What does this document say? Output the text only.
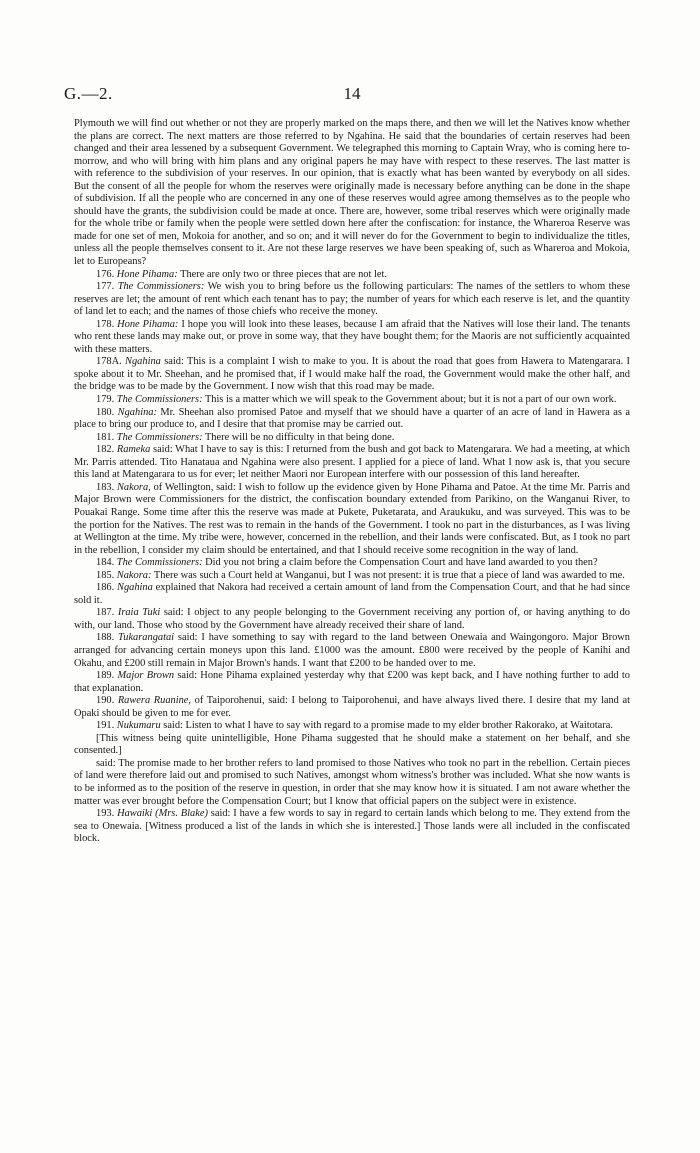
G.—2.	14

Plymouth we will find out whether or not they are properly marked on the maps there, and then we will let the Natives know whether the plans are correct. The next matters are those referred to by Ngahina. He said that the boundaries of certain reserves had been changed and their area lessened by a subsequent Government. We telegraphed this morning to Captain Wray, who is coming here to-morrow, and who will bring with him plans and any original papers he may have with respect to these reserves. The last matter is with reference to the subdivision of your reserves. In our opinion, that is exactly what has been wanted by everybody on all sides. But the consent of all the people for whom the reserves were originally made is necessary before anything can be done in the shape of subdivision. If all the people who are concerned in any one of these reserves would agree among themselves as to the people who should have the grants, the subdivision could be made at once. There are, however, some tribal reserves which were originally made for the whole tribe or family when the people were settled down here after the confiscation: for instance, the Whareroa Reserve was made for one set of men, Mokoia for another, and so on; and it will never do for the Government to begin to individualize the titles, unless all the people themselves consent to it. Are not these large reserves we have been speaking of, such as Whareroa and Mokoia, let to Europeans?

176. Hone Pihama: There are only two or three pieces that are not let.

177. The Commissioners: We wish you to bring before us the following particulars: The names of the settlers to whom these reserves are let; the amount of rent which each tenant has to pay; the number of years for which each reserve is let, and the quantity of land let to each; and the names of those chiefs who receive the money.

178. Hone Pihama: I hope you will look into these leases, because I am afraid that the Natives will lose their land. The tenants who rent these lands may make out, or prove in some way, that they have bought them; for the Maoris are not sufficiently acquainted with these matters.

178A. Ngahina said: This is a complaint I wish to make to you. It is about the road that goes from Hawera to Matengarara. I spoke about it to Mr. Sheehan, and he promised that, if I would make half the road, the Government would make the other half, and the bridge was to be made by the Government. I now wish that this road may be made.

179. The Commissioners: This is a matter which we will speak to the Government about; but it is not a part of our own work.

180. Ngahina: Mr. Sheehan also promised Patoe and myself that we should have a quarter of an acre of land in Hawera as a place to bring our produce to, and I desire that that promise may be carried out.

181. The Commissioners: There will be no difficulty in that being done.

182. Rameka said: What I have to say is this: I returned from the bush and got back to Matengarara. We had a meeting, at which Mr. Parris attended. Tito Hanataua and Ngahina were also present. I applied for a piece of land. What I now ask is, that you secure this land at Matengarara to us for ever; let neither Maori nor European interfere with our possession of this land hereafter.

183. Nakora, of Wellington, said: I wish to follow up the evidence given by Hone Pihama and Patoe. At the time Mr. Parris and Major Brown were Commissioners for the district, the confiscation boundary extended from Parikino, on the Wanganui River, to Pouakai Range. Some time after this the reserve was made at Pukete, Puketarata, and Araukuku, and was surveyed. This was to be the portion for the Natives. The rest was to remain in the hands of the Government. I took no part in the disturbances, as I was living at Wellington at the time. My tribe were, however, concerned in the rebellion, and their lands were confiscated. But, as I took no part in the rebellion, I consider my claim should be entertained, and that I should receive some recognition in the way of land.

184. The Commissioners: Did you not bring a claim before the Compensation Court and have land awarded to you then?

185. Nakora: There was such a Court held at Wanganui, but I was not present: it is true that a piece of land was awarded to me.

186. Ngahina explained that Nakora had received a certain amount of land from the Compensation Court, and that he had since sold it.

187. Iraia Tuki said: I object to any people belonging to the Government receiving any portion of, or having anything to do with, our land. Those who stood by the Government have already received their share of land.

188. Tukarangatai said: I have something to say with regard to the land between Onewaia and Waingongoro. Major Brown arranged for advancing certain moneys upon this land. £1000 was the amount. £800 were received by the people of Kanihi and Okahu, and £200 still remain in Major Brown's hands. I want that £200 to be handed over to me.

189. Major Brown said: Hone Pihama explained yesterday why that £200 was kept back, and I have nothing further to add to that explanation.

190. Rawera Ruanine, of Taiporohenui, said: I belong to Taiporohenui, and have always lived there. I desire that my land at Opaki should be given to me for ever.

191. Nukumaru said: Listen to what I have to say with regard to a promise made to my elder brother Rakorako, at Waitotara.

[This witness being quite unintelligible, Hone Pihama suggested that he should make a statement on her behalf, and she consented.]

said: The promise made to her brother refers to land promised to those Natives who took no part in the rebellion. Certain pieces of land were therefore laid out and promised to such Natives, amongst whom witness's brother was included. What she now wants is to be informed as to the position of the reserve in question, in order that she may know how it is situated. I am not aware whether the matter was ever brought before the Compensation Court; but I know that official papers on the subject were in existence.

193. Hawaiki (Mrs. Blake) said: I have a few words to say in regard to certain lands which belong to me. They extend from the sea to Onewaia. [Witness produced a list of the lands in which she is interested.] Those lands were all included in the confiscated block.
